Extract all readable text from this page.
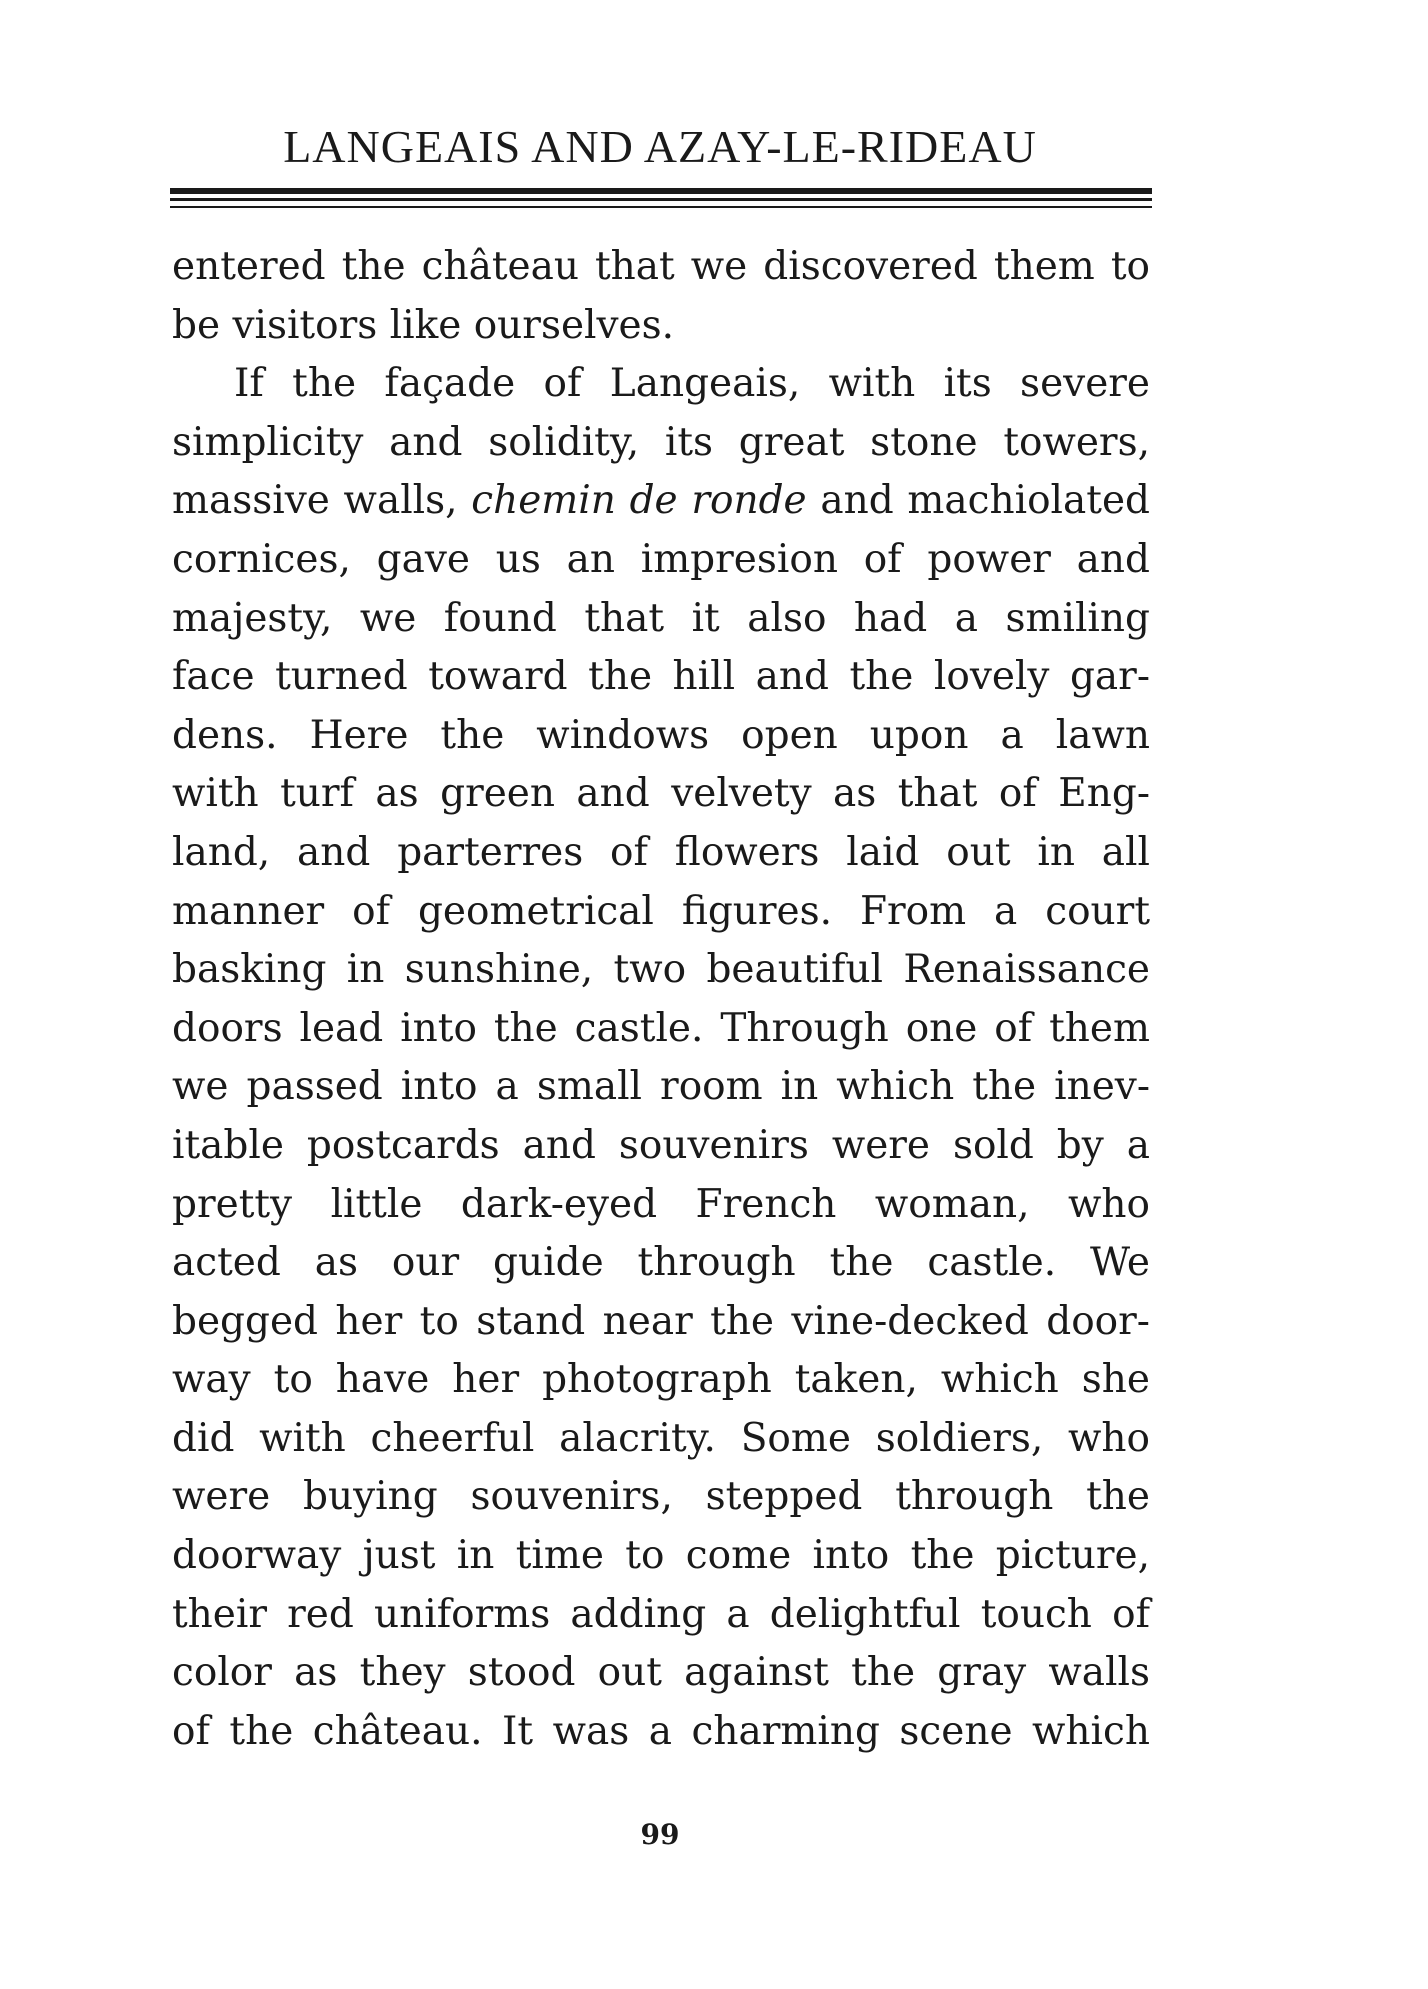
LANGEAIS AND AZAY-LE-RIDEAU
entered the château that we discovered them to
be visitors like ourselves.
If the façade of Langeais, with its severe
simplicity and solidity, its great stone towers,
massive walls, chemin de ronde and machiolated
cornices, gave us an impresion of power and
majesty, we found that it also had a smiling
face turned toward the hill and the lovely gar-
dens. Here the windows open upon a lawn
with turf as green and velvety as that of Eng-
land, and parterres of flowers laid out in all
manner of geometrical figures. From a court
basking in sunshine, two beautiful Renaissance
doors lead into the castle. Through one of them
we passed into a small room in which the inev-
itable postcards and souvenirs were sold by a
pretty little dark-eyed French woman, who
acted as our guide through the castle. We
begged her to stand near the vine-decked door-
way to have her photograph taken, which she
did with cheerful alacrity. Some soldiers, who
were buying souvenirs, stepped through the
doorway just in time to come into the picture,
their red uniforms adding a delightful touch of
color as they stood out against the gray walls
of the château. It was a charming scene which
99
